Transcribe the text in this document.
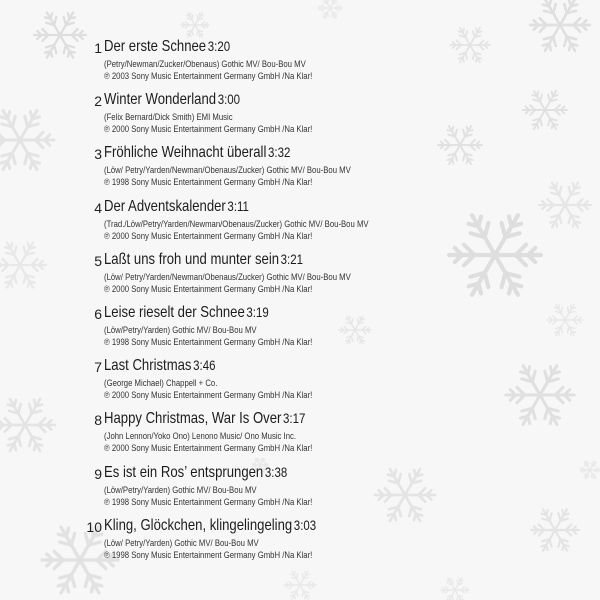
1 Der erste Schnee 3:20
(Petry/Newman/Zucker/Obenaus) Gothic MV/ Bou-Bou MV
℗ 2003 Sony Music Entertainment Germany GmbH /Na Klar!
2 Winter Wonderland 3:00
(Felix Bernard/Dick Smith) EMI Music
℗ 2000 Sony Music Entertainment Germany GmbH /Na Klar!
3 Fröhliche Weihnacht überall 3:32
(Löw/ Petry/Yarden/Newman/Obenaus/Zucker) Gothic MV/ Bou-Bou MV
℗ 1998 Sony Music Entertainment Germany GmbH /Na Klar!
4 Der Adventskalender 3:11
(Trad./Löw/Petry/Yarden/Newman/Obenaus/Zucker) Gothic MV/ Bou-Bou MV
℗ 2000 Sony Music Entertainment Germany GmbH /Na Klar!
5 Laßt uns froh und munter sein 3:21
(Löw/ Petry/Yarden/Newman/Obenaus/Zucker) Gothic MV/ Bou-Bou MV
℗ 2000 Sony Music Entertainment Germany GmbH /Na Klar!
6 Leise rieselt der Schnee 3:19
(Löw/Petry/Yarden) Gothic MV/ Bou-Bou MV
℗ 1998 Sony Music Entertainment Germany GmbH /Na Klar!
7 Last Christmas 3:46
(George Michael) Chappell + Co.
℗ 2000 Sony Music Entertainment Germany GmbH /Na Klar!
8 Happy Christmas, War Is Over 3:17
(John Lennon/Yoko Ono) Lenono Music/ Ono Music Inc.
℗ 2000 Sony Music Entertainment Germany GmbH /Na Klar!
9 Es ist ein Ros’ entsprungen 3:38
(Löw/Petry/Yarden) Gothic MV/ Bou-Bou MV
℗ 1998 Sony Music Entertainment Germany GmbH /Na Klar!
10 Kling, Glöckchen, klingelingeling 3:03
(Löw/ Petry/Yarden) Gothic MV/ Bou-Bou MV
℗ 1998 Sony Music Entertainment Germany GmbH /Na Klar!
